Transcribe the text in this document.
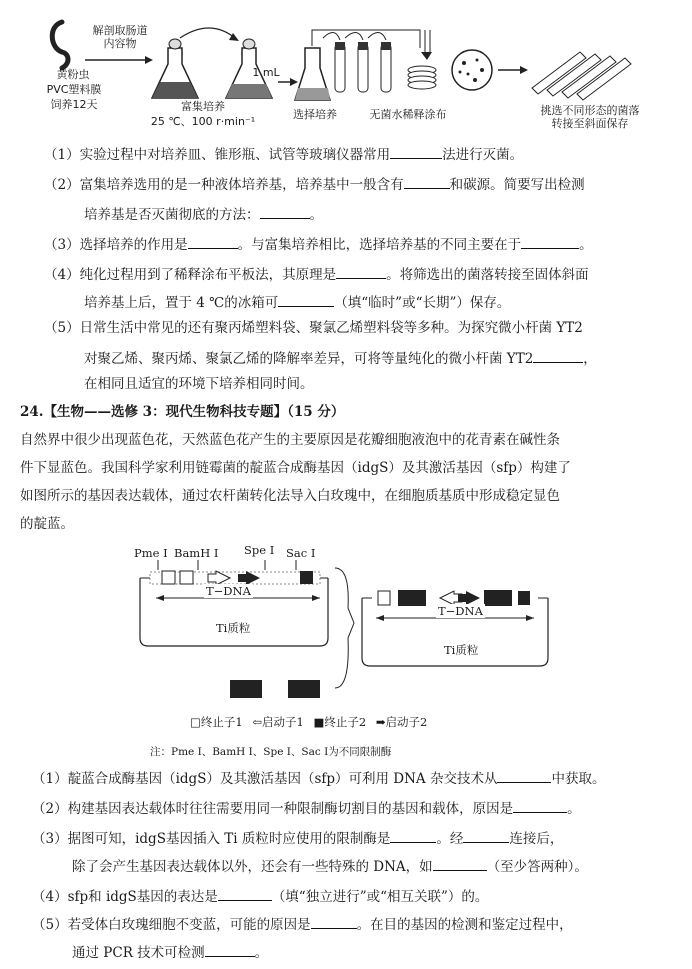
黄粉虫
PVC塑料膜
饲养12天
解剖取肠道内容物
富集培养
25 ℃、100 r·min⁻¹
1 mL
选择培养	无菌水稀释涂布	挑选不同形态的菌落转接至斜面保存
（1）实验过程中对培养皿、锥形瓶、试管等玻璃仪器常用	法进行灭菌。
（2）富集培养选用的是一种液体培养基，培养基中一般含有	和碳源。简要写出检测
培养基是否灭菌彻底的方法：	。
（3）选择培养的作用是	。与富集培养相比，选择培养基的不同主要在于	。
（4）纯化过程用到了稀释涂布平板法，其原理是	。将筛选出的菌落转接至固体斜面
培养基上后，置于 4 ℃的冰箱可	（填“临时”或“长期”）保存。
（5）日常生活中常见的还有聚丙烯塑料袋、聚氯乙烯塑料袋等多种。为探究微小杆菌 YT2
对聚乙烯、聚丙烯、聚氯乙烯的降解率差异，可将等量纯化的微小杆菌 YT2	，
在相同且适宜的环境下培养相同时间。
24.【生物——选修 3：现代生物科技专题】（15 分）
自然界中很少出现蓝色花，天然蓝色花产生的主要原因是花瓣细胞液泡中的花青素在碱性条
件下显蓝色。我国科学家利用链霉菌的靛蓝合成酶基因（idgS）及其激活基因（sfp）构建了
如图所示的基因表达载体，通过农杆菌转化法导入白玫瑰中，在细胞质基质中形成稳定显色
的靛蓝。
Pme Ⅰ BamH Ⅰ Spe Ⅰ Sac Ⅰ
T−DNA
Ti质粒
T−DNA
Ti质粒
□终止子1 ⇦启动子1 ■终止子2 ➡启动子2
注：Pme Ⅰ、BamH Ⅰ、Spe Ⅰ、Sac Ⅰ为不同限制酶
（1）靛蓝合成酶基因（idgS）及其激活基因（sfp）可利用 DNA 杂交技术从	中获取。
（2）构建基因表达载体时往往需要用同一种限制酶切割目的基因和载体，原因是	。
（3）据图可知，idgS基因插入 Ti 质粒时应使用的限制酶是	。经	连接后，
除了会产生基因表达载体以外，还会有一些特殊的 DNA，如	（至少答两种）。
（4）sfp和 idgS基因的表达是	（填“独立进行”或“相互关联”）的。
（5）若受体白玫瑰细胞不变蓝，可能的原因是	。在目的基因的检测和鉴定过程中，
通过 PCR 技术可检测	。
